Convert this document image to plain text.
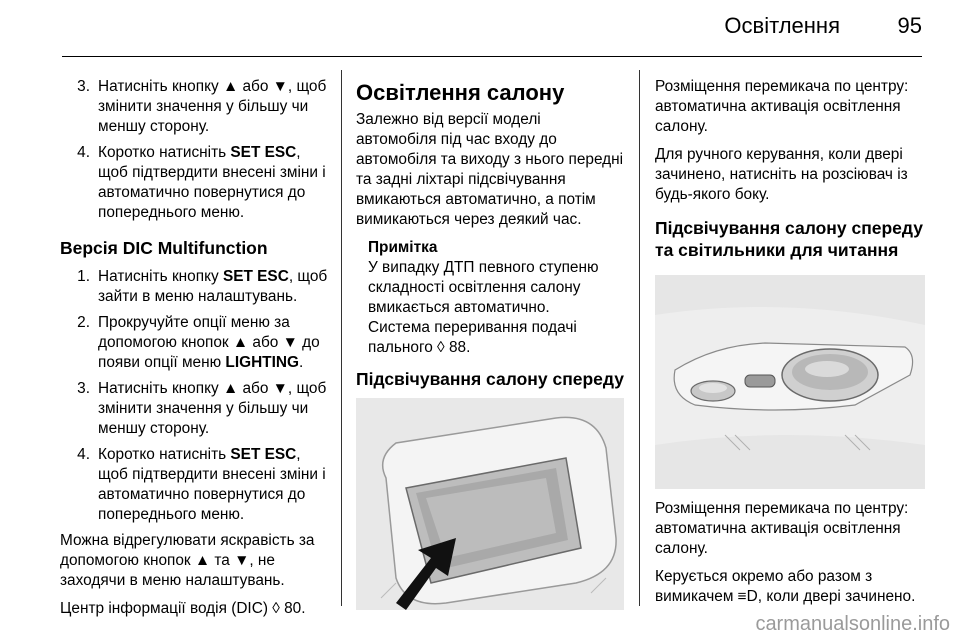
Освітлення	95
3. Натисніть кнопку ▲ або ▼, щоб змінити значення у більшу чи меншу сторону.
4. Коротко натисніть SET ESC, щоб підтвердити внесені зміни і автоматично повернутися до попереднього меню.
Версія DIC Multifunction
1. Натисніть кнопку SET ESC, щоб зайти в меню налаштувань.
2. Прокручуйте опції меню за допомогою кнопок ▲ або ▼ до появи опції меню LIGHTING.
3. Натисніть кнопку ▲ або ▼, щоб змінити значення у більшу чи меншу сторону.
4. Коротко натисніть SET ESC, щоб підтвердити внесені зміни і автоматично повернутися до попереднього меню.
Можна відрегулювати яскравість за допомогою кнопок ▲ та ▼, не заходячи в меню налаштувань.
Центр інформації водія (DIC) ◊ 80.
Освітлення салону
Залежно від версії моделі автомобіля під час входу до автомобіля та виходу з нього передні та задні ліхтарі підсвічування вмикаються автоматично, а потім вимикаються через деякий час.
Примітка
У випадку ДТП певного ступеню складності освітлення салону вмикається автоматично.
Система переривання подачі пального ◊ 88.
Підсвічування салону спереду
Розміщення перемикача по центру: автоматична активація освітлення салону.
Для ручного керування, коли двері зачинено, натисніть на розсіювач із будь-якого боку.
Підсвічування салону спереду та світильники для читання
Розміщення перемикача по центру: автоматична активація освітлення салону.
Керується окремо або разом з вимикачем ≡D, коли двері зачинено.
carmanualsonline.info
